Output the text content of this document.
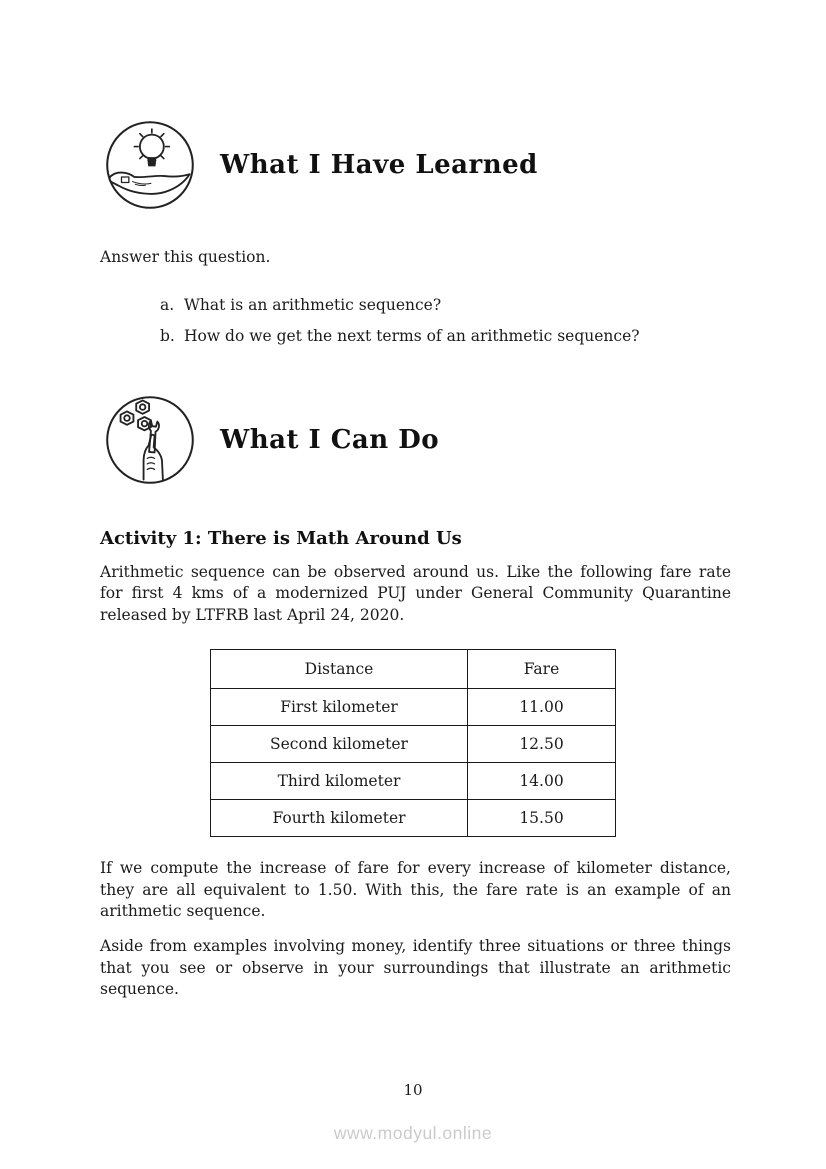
What I Have Learned
Answer this question.
a. What is an arithmetic sequence?
b. How do we get the next terms of an arithmetic sequence?
What I Can Do
Activity 1: There is Math Around Us

Arithmetic sequence can be observed around us. Like the following fare rate for first 4 kms of a modernized PUJ under General Community Quarantine released by LTFRB last April 24, 2020.

Distance	Fare
First kilometer	11.00
Second kilometer	12.50
Third kilometer	14.00
Fourth kilometer	15.50

If we compute the increase of fare for every increase of kilometer distance, they are all equivalent to 1.50. With this, the fare rate is an example of an arithmetic sequence.

Aside from examples involving money, identify three situations or three things that you see or observe in your surroundings that illustrate an arithmetic sequence.

10
www.modyul.online
